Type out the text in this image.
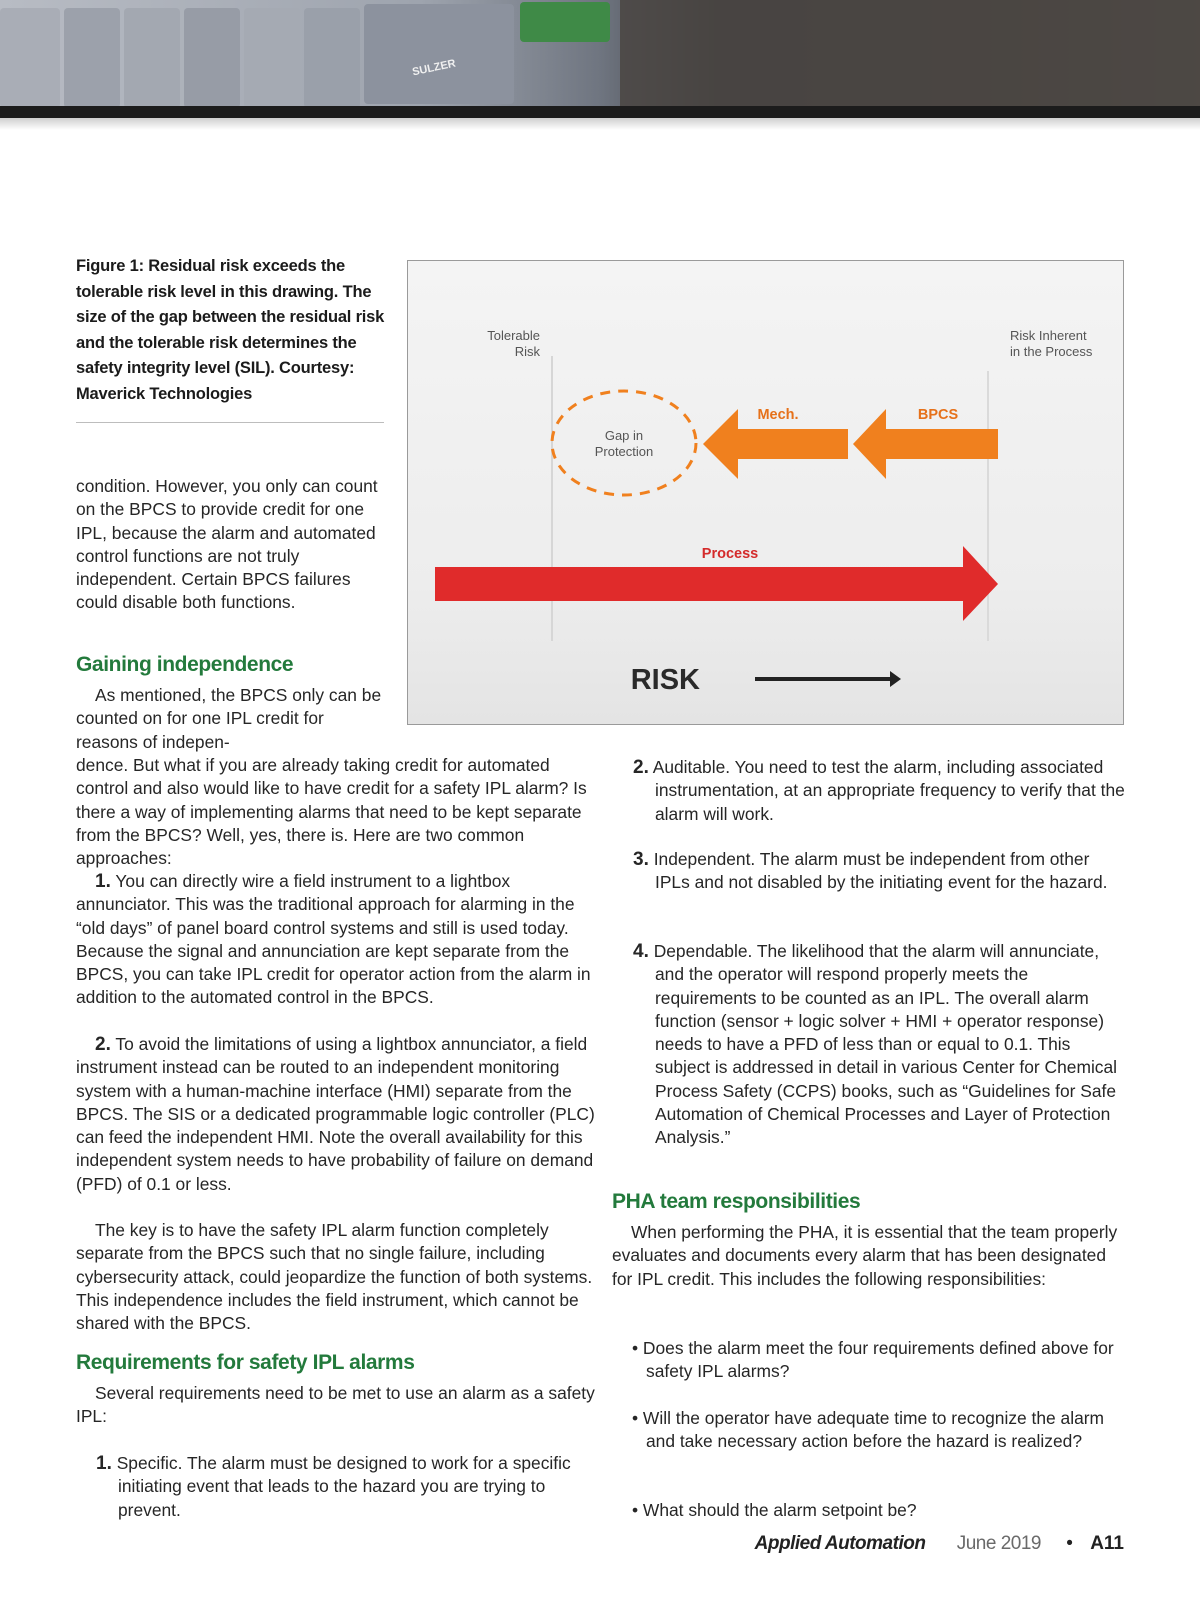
SULZER
Figure 1: Residual risk exceeds the tolerable risk level in this drawing. The size of the gap between the residual risk and the tolerable risk determines the safety integrity level (SIL). Courtesy: Maverick Technologies
Tolerable
Risk
Risk Inherent
in the Process
Gap in
Protection
Mech.	BPCS
Process
RISK
condition. However, you only can count on the BPCS to provide credit for one IPL, because the alarm and automated control functions are not truly independent. Certain BPCS failures could disable both functions.
Gaining independence
As mentioned, the BPCS only can be counted on for one IPL credit for reasons of indepen-
dence. But what if you are already taking credit for automated control and also would like to have credit for a safety IPL alarm? Is there a way of implementing alarms that need to be kept separate from the BPCS? Well, yes, there is. Here are two common approaches:
1. You can directly wire a field instrument to a lightbox annunciator. This was the traditional approach for alarming in the “old days” of panel board control systems and still is used today. Because the signal and annunciation are kept separate from the BPCS, you can take IPL credit for operator action from the alarm in addition to the automated control in the BPCS.
2. To avoid the limitations of using a lightbox annunciator, a field instrument instead can be routed to an independent monitoring system with a human-machine interface (HMI) separate from the BPCS. The SIS or a dedicated programmable logic controller (PLC) can feed the independent HMI. Note the overall availability for this independent system needs to have probability of failure on demand (PFD) of 0.1 or less.
The key is to have the safety IPL alarm function completely separate from the BPCS such that no single failure, including cybersecurity attack, could jeopardize the function of both systems. This independence includes the field instrument, which cannot be shared with the BPCS.
Requirements for safety IPL alarms
Several requirements need to be met to use an alarm as a safety IPL:
1. Specific. The alarm must be designed to work for a specific initiating event that leads to the hazard you are trying to prevent.
2. Auditable. You need to test the alarm, including associated instrumentation, at an appropriate frequency to verify that the alarm will work.
3. Independent. The alarm must be independent from other IPLs and not disabled by the initiating event for the hazard.
4. Dependable. The likelihood that the alarm will annunciate, and the operator will respond properly meets the requirements to be counted as an IPL. The overall alarm function (sensor + logic solver + HMI + operator response) needs to have a PFD of less than or equal to 0.1. This subject is addressed in detail in various Center for Chemical Process Safety (CCPS) books, such as “Guidelines for Safe Automation of Chemical Processes and Layer of Protection Analysis.”
PHA team responsibilities
When performing the PHA, it is essential that the team properly evaluates and documents every alarm that has been designated for IPL credit. This includes the following responsibilities:
• Does the alarm meet the four requirements defined above for safety IPL alarms?
• Will the operator have adequate time to recognize the alarm and take necessary action before the hazard is realized?
• What should the alarm setpoint be?
Applied Automation June 2019 • A11
